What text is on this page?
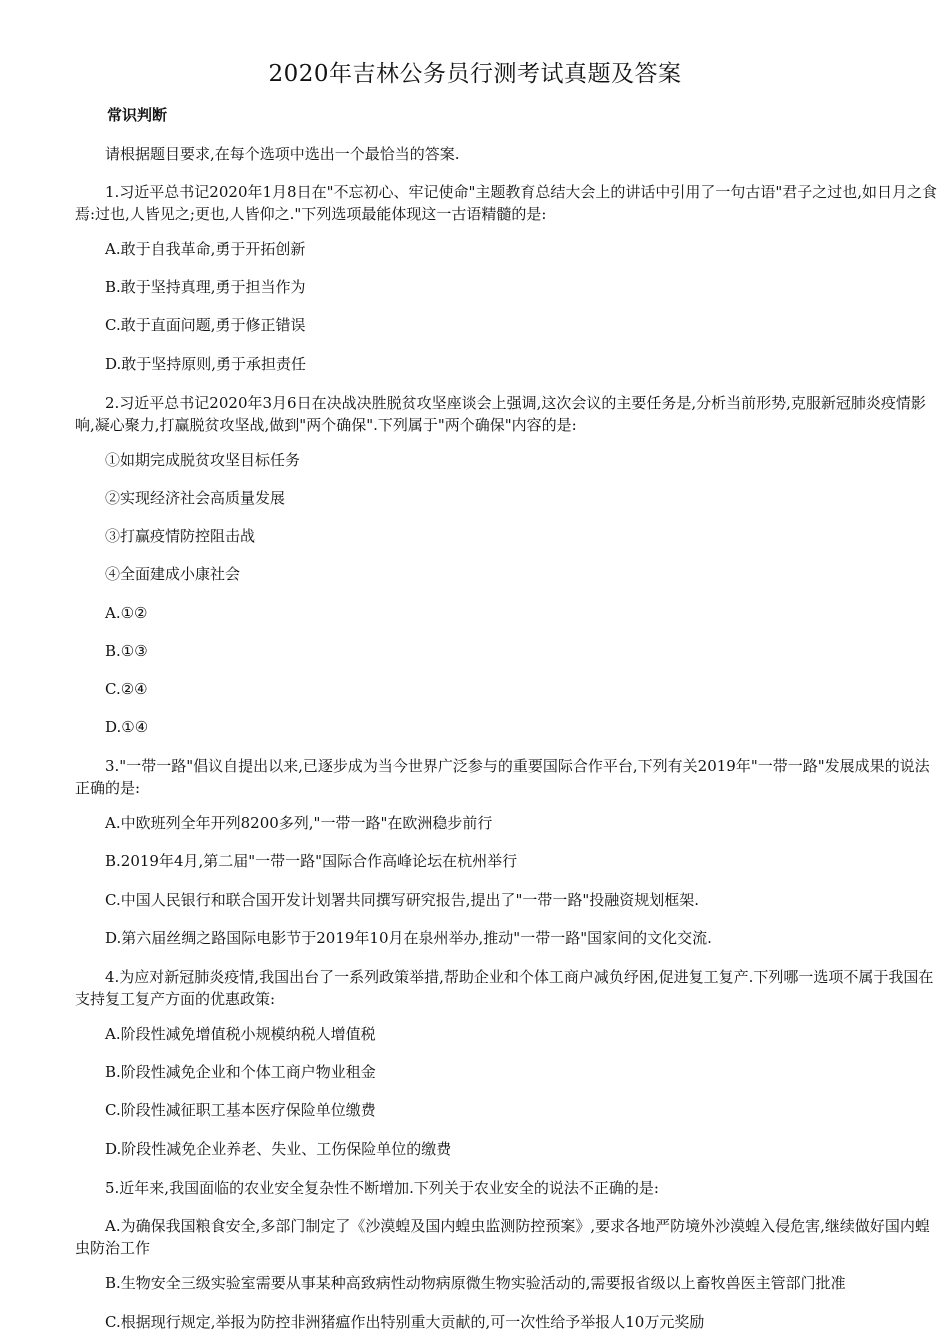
2020年吉林公务员行测考试真题及答案
常识判断
请根据题目要求,在每个选项中选出一个最恰当的答案.
1.习近平总书记2020年1月8日在"不忘初心、牢记使命"主题教育总结大会上的讲话中引用了一句古语"君子之过也,如日月之食焉:过也,人皆见之;更也,人皆仰之."下列选项最能体现这一古语精髓的是:
A.敢于自我革命,勇于开拓创新
B.敢于坚持真理,勇于担当作为
C.敢于直面问题,勇于修正错误
D.敢于坚持原则,勇于承担责任
2.习近平总书记2020年3月6日在决战决胜脱贫攻坚座谈会上强调,这次会议的主要任务是,分析当前形势,克服新冠肺炎疫情影响,凝心聚力,打赢脱贫攻坚战,做到"两个确保".下列属于"两个确保"内容的是:
①如期完成脱贫攻坚目标任务
②实现经济社会高质量发展
③打赢疫情防控阻击战
④全面建成小康社会
A.①②
B.①③
C.②④
D.①④
3."一带一路"倡议自提出以来,已逐步成为当今世界广泛参与的重要国际合作平台,下列有关2019年"一带一路"发展成果的说法正确的是:
A.中欧班列全年开列8200多列,"一带一路"在欧洲稳步前行
B.2019年4月,第二届"一带一路"国际合作高峰论坛在杭州举行
C.中国人民银行和联合国开发计划署共同撰写研究报告,提出了"一带一路"投融资规划框架.
D.第六届丝绸之路国际电影节于2019年10月在泉州举办,推动"一带一路"国家间的文化交流.
4.为应对新冠肺炎疫情,我国出台了一系列政策举措,帮助企业和个体工商户减负纾困,促进复工复产.下列哪一选项不属于我国在支持复工复产方面的优惠政策:
A.阶段性减免增值税小规模纳税人增值税
B.阶段性减免企业和个体工商户物业租金
C.阶段性减征职工基本医疗保险单位缴费
D.阶段性减免企业养老、失业、工伤保险单位的缴费
5.近年来,我国面临的农业安全复杂性不断增加.下列关于农业安全的说法不正确的是:
A.为确保我国粮食安全,多部门制定了《沙漠蝗及国内蝗虫监测防控预案》,要求各地严防境外沙漠蝗入侵危害,继续做好国内蝗虫防治工作
B.生物安全三级实验室需要从事某种高致病性动物病原微生物实验活动的,需要报省级以上畜牧兽医主管部门批准
C.根据现行规定,举报为防控非洲猪瘟作出特别重大贡献的,可一次性给予举报人10万元奖励
